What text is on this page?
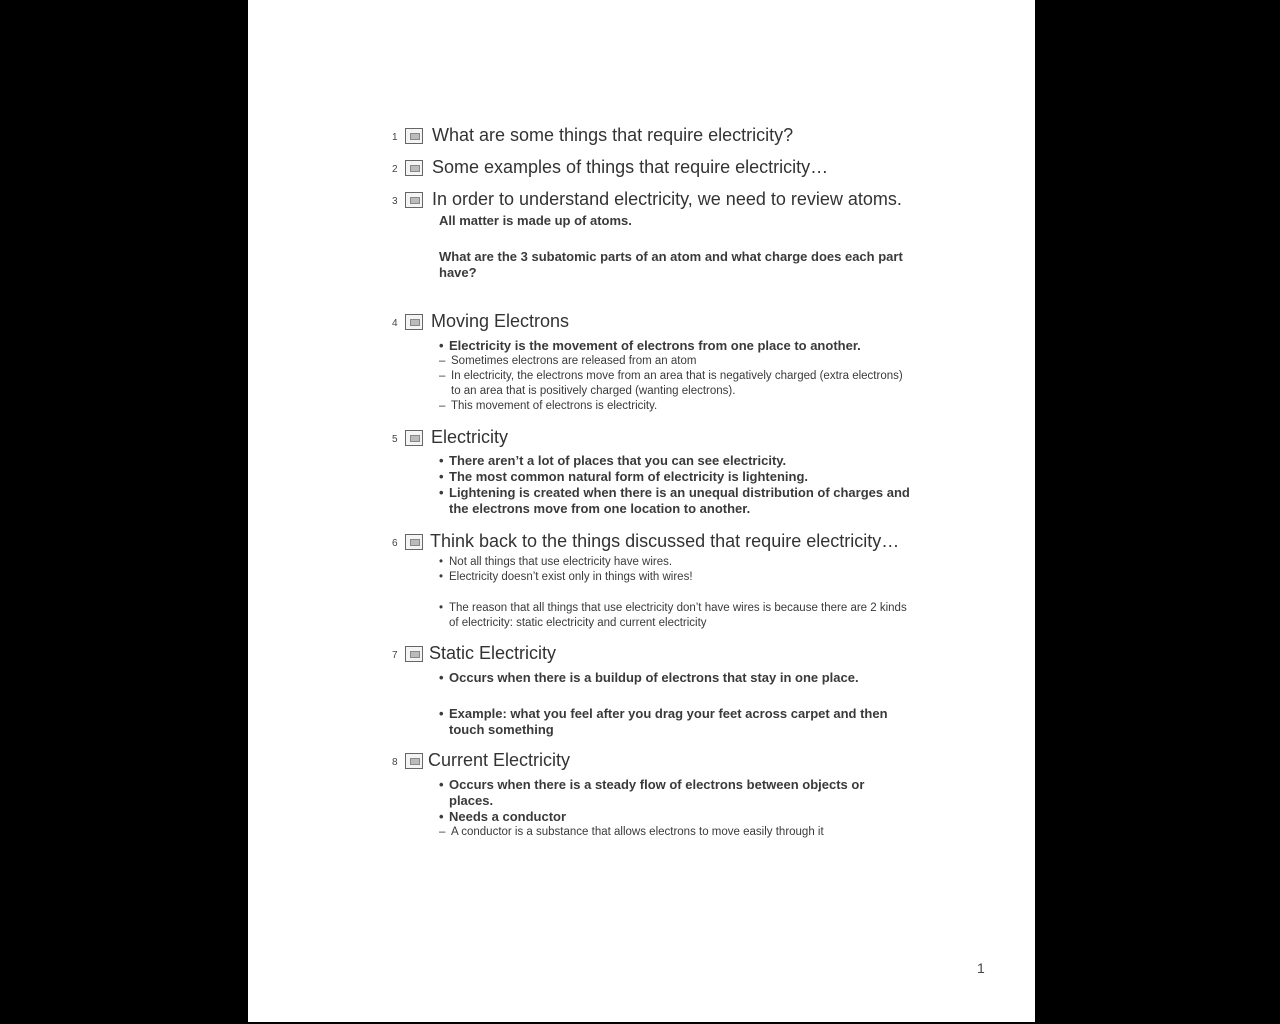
1 What are some things that require electricity?
2 Some examples of things that require electricity…
3 In order to understand electricity, we need to review atoms.

All matter is made up of atoms.

What are the 3 subatomic parts of an atom and what charge does each part have?

4 Moving Electrons

• Electricity is the movement of electrons from one place to another.

– Sometimes electrons are released from an atom

– In electricity, the electrons move from an area that is negatively charged (extra electrons) to an area that is positively charged (wanting electrons).

– This movement of electrons is electricity.

5 Electricity

• There aren’t a lot of places that you can see electricity.

• The most common natural form of electricity is lightening.

• Lightening is created when there is an unequal distribution of charges and the electrons move from one location to another.

6 Think back to the things discussed that require electricity…

• Not all things that use electricity have wires.

• Electricity doesn’t exist only in things with wires!

• The reason that all things that use electricity don’t have wires is because there are 2 kinds of electricity: static electricity and current electricity

7 Static Electricity

• Occurs when there is a buildup of electrons that stay in one place.

• Example: what you feel after you drag your feet across carpet and then touch something

8 Current Electricity

• Occurs when there is a steady flow of electrons between objects or places.

• Needs a conductor

– A conductor is a substance that allows electrons to move easily through it

1
